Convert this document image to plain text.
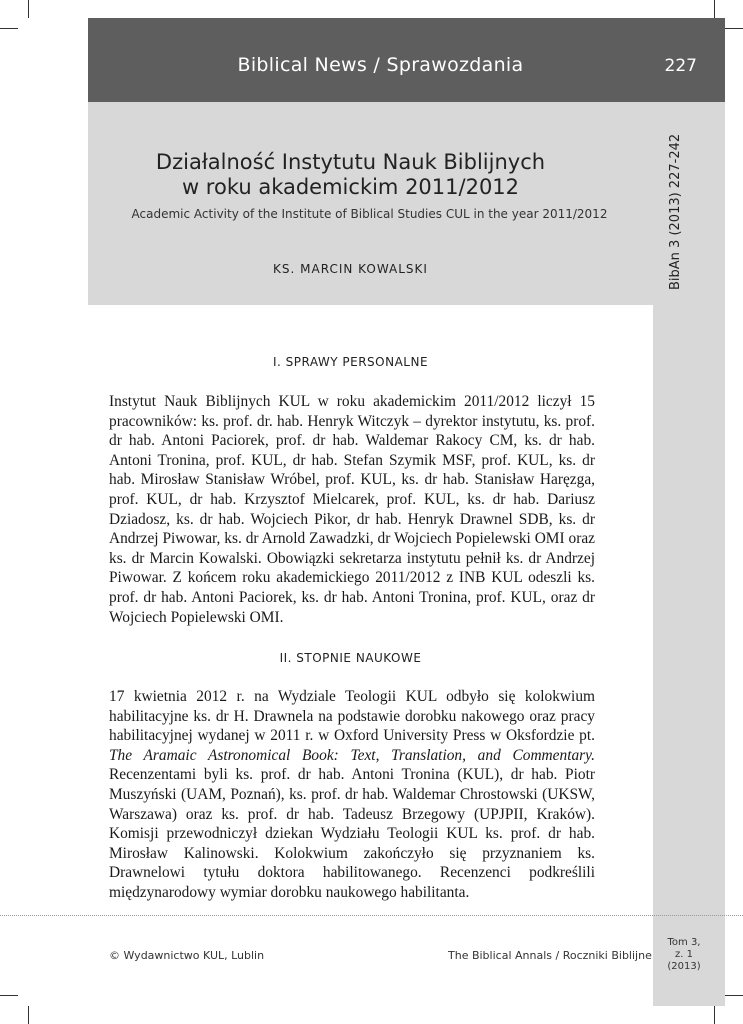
Biblical News / Sprawozdania	227
Działalność Instytutu Nauk Biblijnych
w roku akademickim 2011/2012
Academic Activity of the Institute of Biblical Studies CUL in the year 2011/2012
KS. MARCIN KOWALSKI	BibAn 3 (2013) 227-242
I. SPRAWY PERSONALNE
Instytut Nauk Biblijnych KUL w roku akademickim 2011/2012 liczył 15 pracowników: ks. prof. dr. hab. Henryk Witczyk – dyrektor instytutu, ks. prof. dr hab. Antoni Paciorek, prof. dr hab. Waldemar Rakocy CM, ks. dr hab. Antoni Tronina, prof. KUL, dr hab. Stefan Szymik MSF, prof. KUL, ks. dr hab. Mirosław Stanisław Wróbel, prof. KUL, ks. dr hab. Stanisław Haręzga, prof. KUL, dr hab. Krzysztof Mielcarek, prof. KUL, ks. dr hab. Dariusz Dziadosz, ks. dr hab. Wojciech Pikor, dr hab. Henryk Drawnel SDB, ks. dr Andrzej Piwowar, ks. dr Arnold Zawadzki, dr Wojciech Popielewski OMI oraz ks. dr Marcin Kowalski. Obowiązki sekretarza instytutu pełnił ks. dr Andrzej Piwowar. Z końcem roku akademickiego 2011/2012 z INB KUL odeszli ks. prof. dr hab. Antoni Paciorek, ks. dr hab. Antoni Tronina, prof. KUL, oraz dr Wojciech Popielewski OMI.
II. STOPNIE NAUKOWE
17 kwietnia 2012 r. na Wydziale Teologii KUL odbyło się kolokwium habilitacyjne ks. dr H. Drawnela na podstawie dorobku nakowego oraz pracy habilitacyjnej wydanej w 2011 r. w Oxford University Press w Oksfordzie pt. The Aramaic Astronomical Book: Text, Translation, and Commentary. Recenzentami byli ks. prof. dr hab. Antoni Tronina (KUL), dr hab. Piotr Muszyński (UAM, Poznań), ks. prof. dr hab. Waldemar Chrostowski (UKSW, Warszawa) oraz ks. prof. dr hab. Tadeusz Brzegowy (UPJPII, Kraków). Komisji przewodniczył dziekan Wydziału Teologii KUL ks. prof. dr hab. Mirosław Kalinowski. Kolokwium zakończyło się przyznaniem ks. Drawnelowi tytułu doktora habilitowanego. Recenzenci podkreślili międzynarodowy wymiar dorobku naukowego habilitanta.
© Wydawnictwo KUL, Lublin	The Biblical Annals / Roczniki Biblijne
Tom 3,
z. 1
(2013)
